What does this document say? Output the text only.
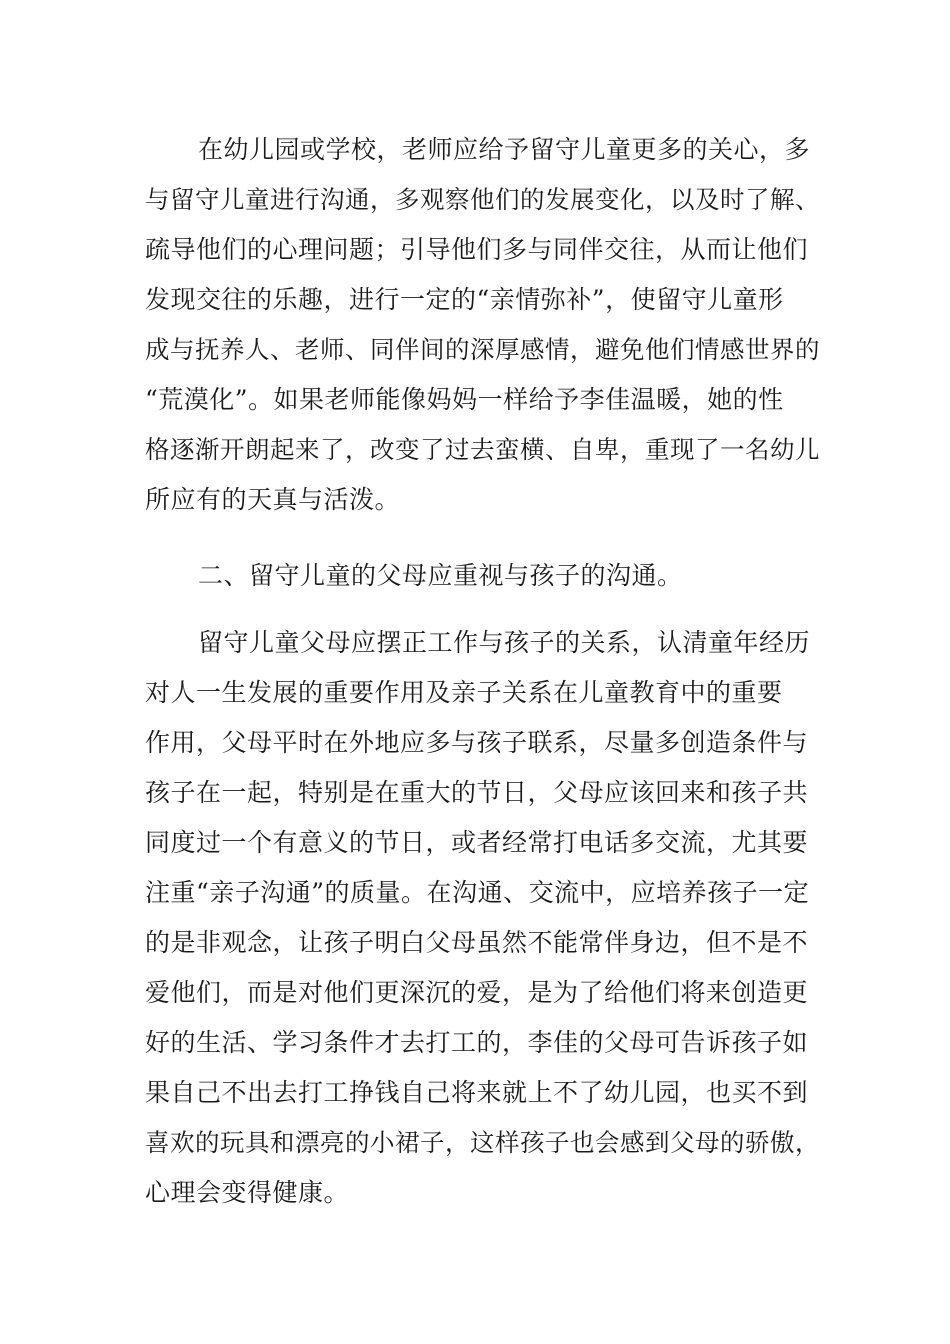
在幼儿园或学校，老师应给予留守儿童更多的关心，多
与留守儿童进行沟通，多观察他们的发展变化，以及时了解、
疏导他们的心理问题；引导他们多与同伴交往，从而让他们
发现交往的乐趣，进行一定的“亲情弥补”，使留守儿童形
成与抚养人、老师、同伴间的深厚感情，避免他们情感世界的
“荒漠化”。如果老师能像妈妈一样给予李佳温暖，她的性
格逐渐开朗起来了，改变了过去蛮横、自卑，重现了一名幼儿
所应有的天真与活泼。
二、留守儿童的父母应重视与孩子的沟通。
留守儿童父母应摆正工作与孩子的关系，认清童年经历
对人一生发展的重要作用及亲子关系在儿童教育中的重要
作用，父母平时在外地应多与孩子联系，尽量多创造条件与
孩子在一起，特别是在重大的节日，父母应该回来和孩子共
同度过一个有意义的节日，或者经常打电话多交流，尤其要
注重“亲子沟通”的质量。在沟通、交流中，应培养孩子一定
的是非观念，让孩子明白父母虽然不能常伴身边，但不是不
爱他们，而是对他们更深沉的爱，是为了给他们将来创造更
好的生活、学习条件才去打工的，李佳的父母可告诉孩子如
果自己不出去打工挣钱自己将来就上不了幼儿园，也买不到
喜欢的玩具和漂亮的小裙子，这样孩子也会感到父母的骄傲，
心理会变得健康。
